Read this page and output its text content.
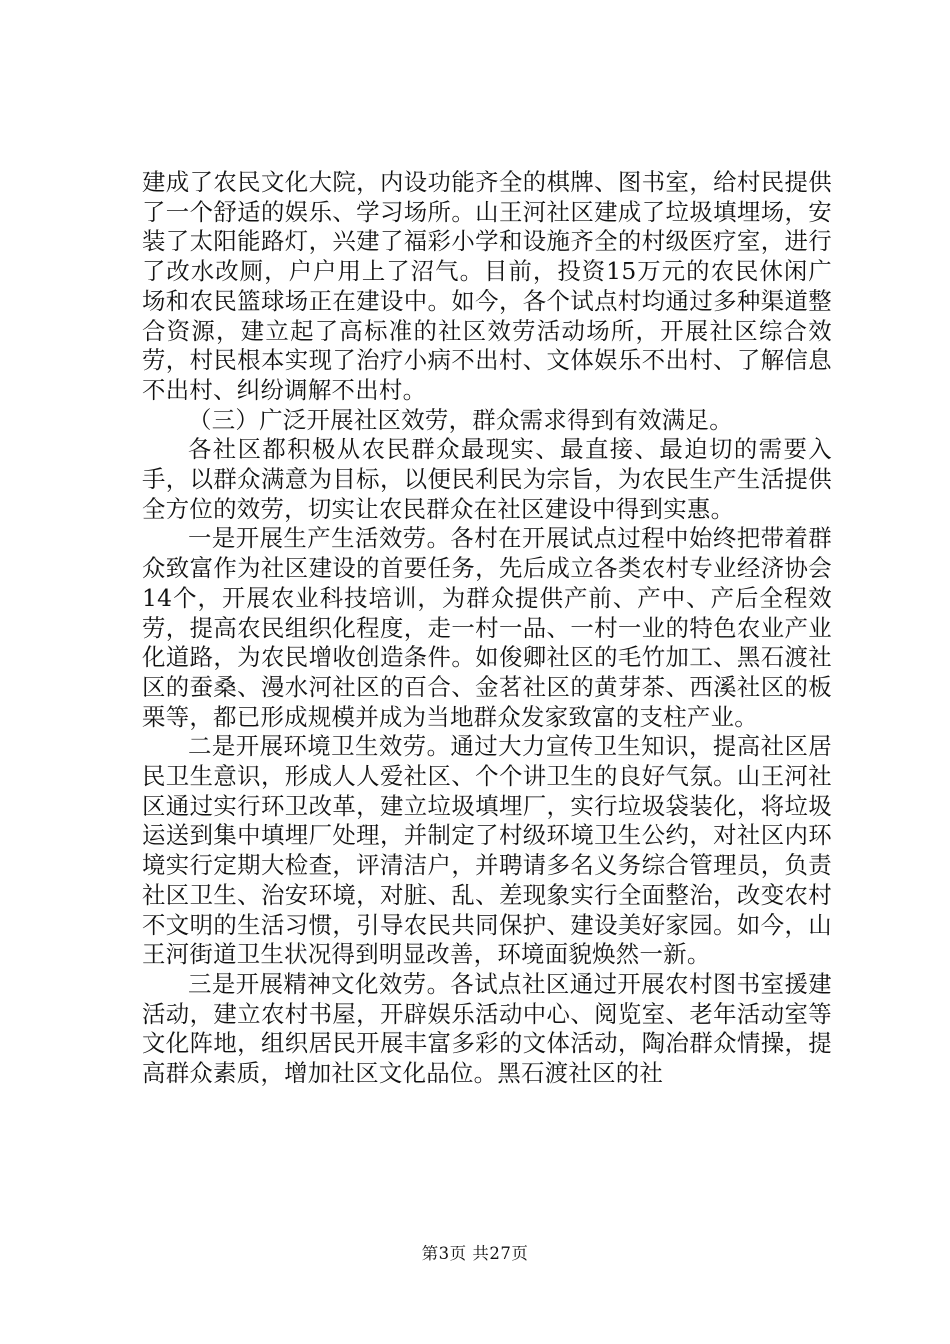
建成了农民文化大院，内设功能齐全的棋牌、图书室，给村民提供了一个舒适的娱乐、学习场所。山王河社区建成了垃圾填埋场，安装了太阳能路灯，兴建了福彩小学和设施齐全的村级医疗室，进行了改水改厕，户户用上了沼气。目前，投资15万元的农民休闲广场和农民篮球场正在建设中。如今，各个试点村均通过多种渠道整合资源，建立起了高标准的社区效劳活动场所，开展社区综合效劳，村民根本实现了治疗小病不出村、文体娱乐不出村、了解信息不出村、纠纷调解不出村。

（三）广泛开展社区效劳，群众需求得到有效满足。

各社区都积极从农民群众最现实、最直接、最迫切的需要入手，以群众满意为目标，以便民利民为宗旨，为农民生产生活提供全方位的效劳，切实让农民群众在社区建设中得到实惠。

一是开展生产生活效劳。各村在开展试点过程中始终把带着群众致富作为社区建设的首要任务，先后成立各类农村专业经济协会14个，开展农业科技培训，为群众提供产前、产中、产后全程效劳，提高农民组织化程度，走一村一品、一村一业的特色农业产业化道路，为农民增收创造条件。如俊卿社区的毛竹加工、黑石渡社区的蚕桑、漫水河社区的百合、金茗社区的黄芽茶、西溪社区的板栗等，都已形成规模并成为当地群众发家致富的支柱产业。

二是开展环境卫生效劳。通过大力宣传卫生知识，提高社区居民卫生意识，形成人人爱社区、个个讲卫生的良好气氛。山王河社区通过实行环卫改革，建立垃圾填埋厂，实行垃圾袋装化，将垃圾运送到集中填埋厂处理，并制定了村级环境卫生公约，对社区内环境实行定期大检查，评清洁户，并聘请多名义务综合管理员，负责社区卫生、治安环境，对脏、乱、差现象实行全面整治，改变农村不文明的生活习惯，引导农民共同保护、建设美好家园。如今，山王河街道卫生状况得到明显改善，环境面貌焕然一新。

三是开展精神文化效劳。各试点社区通过开展农村图书室援建活动，建立农村书屋，开辟娱乐活动中心、阅览室、老年活动室等文化阵地，组织居民开展丰富多彩的文体活动，陶冶群众情操，提高群众素质，增加社区文化品位。黑石渡社区的社

第3页 共27页
